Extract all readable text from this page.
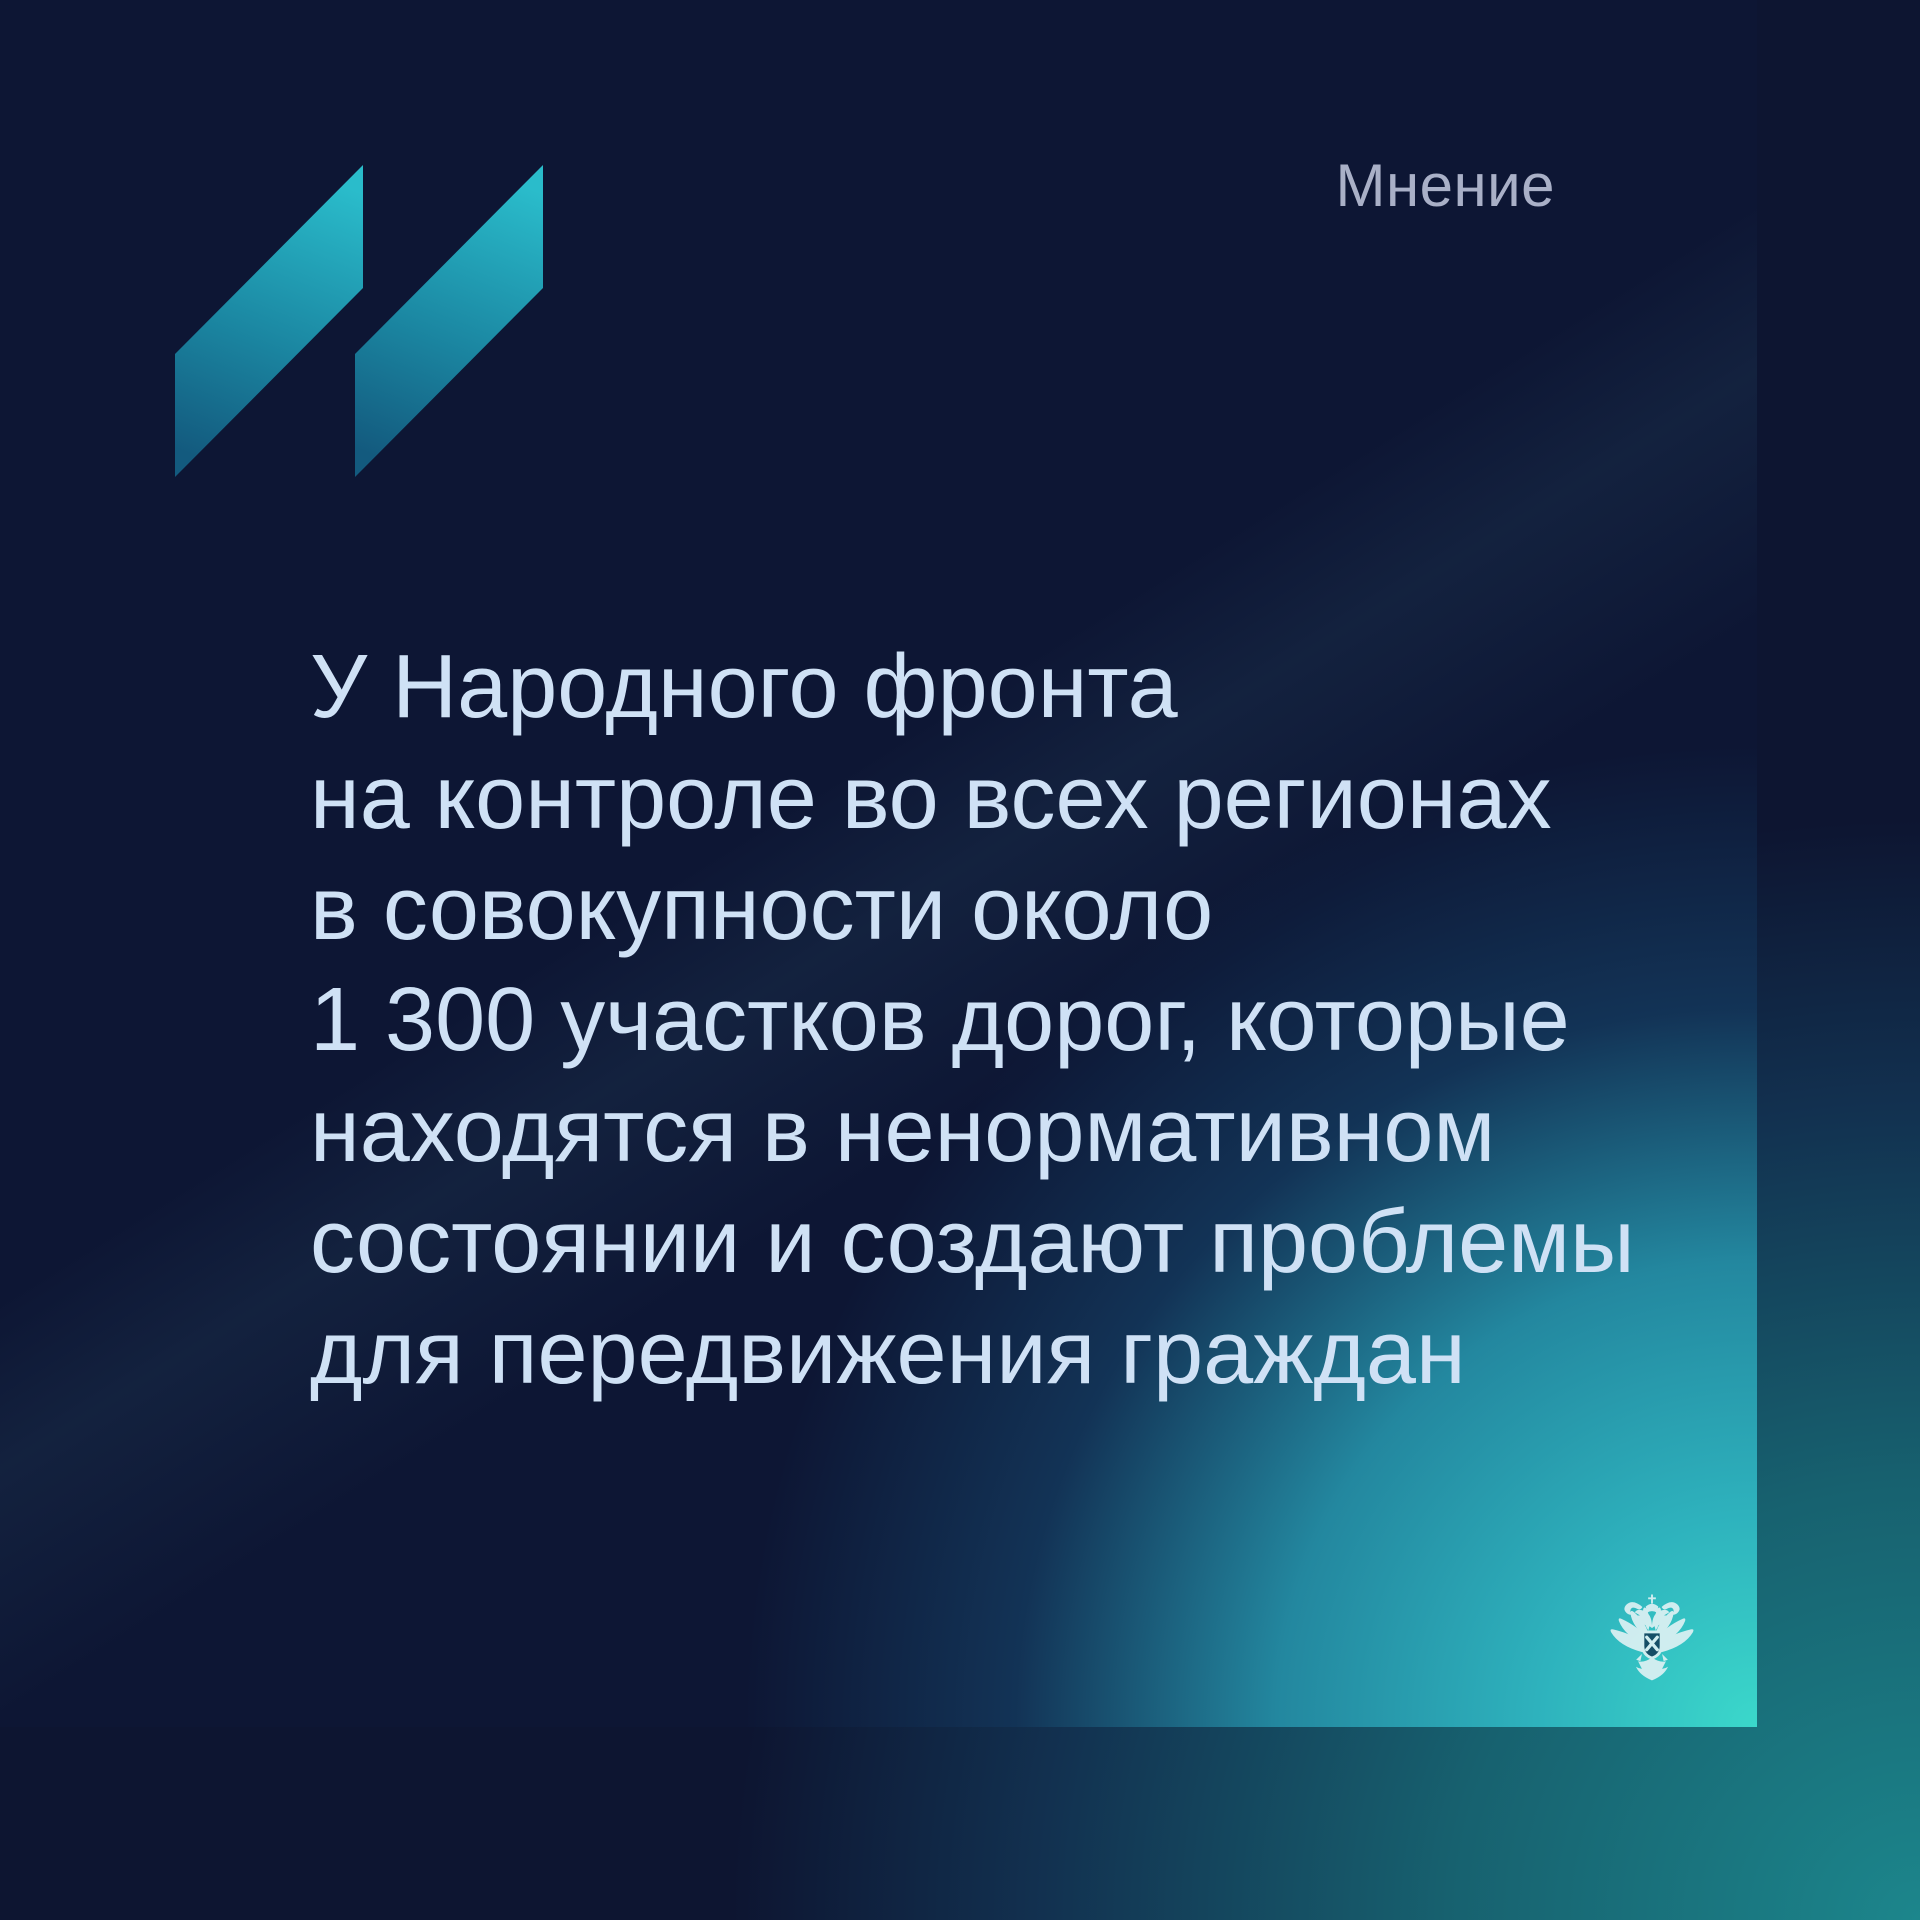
Мнение
У Народного фронта
на контроле во всех регионах
в совокупности около
1 300 участков дорог, которые
находятся в ненормативном
состоянии и создают проблемы
для передвижения граждан
